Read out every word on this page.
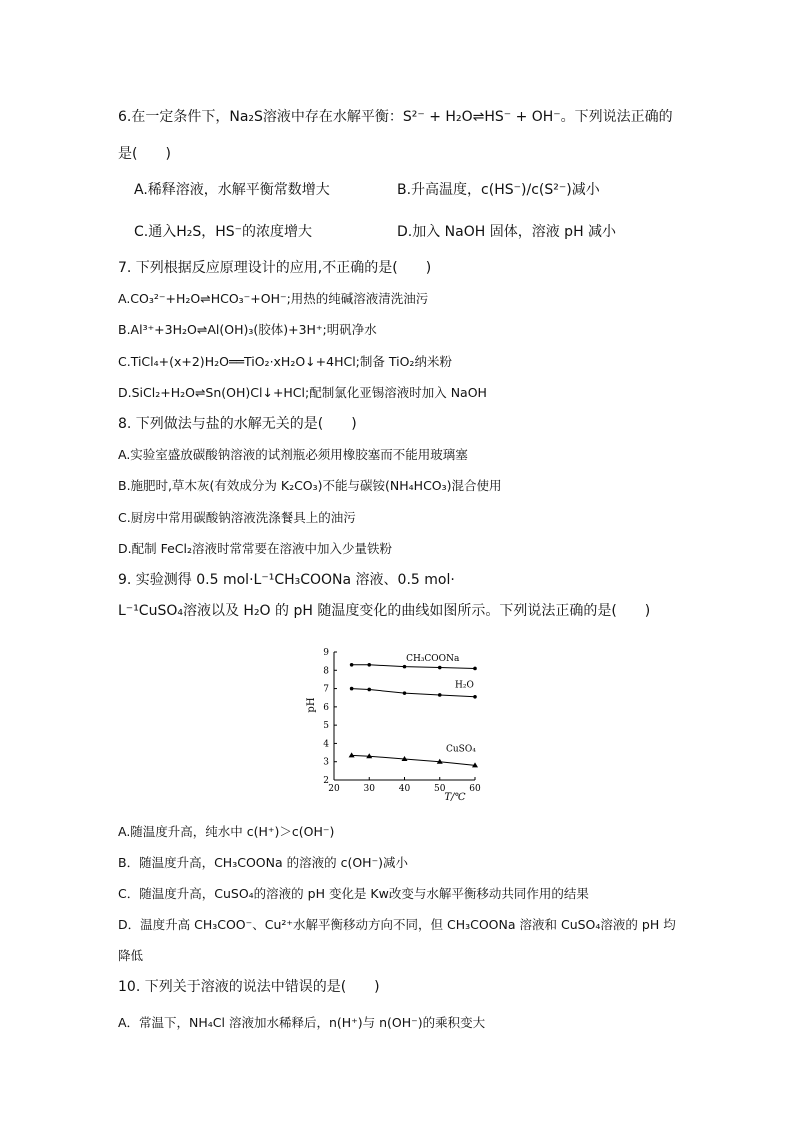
6.在一定条件下，Na₂S溶液中存在水解平衡：S²⁻ + H₂O⇌HS⁻ + OH⁻。下列说法正确的
是(　　)
A.稀释溶液，水解平衡常数增大	B.升高温度，c(HS⁻)/c(S²⁻)减小
C.通入H₂S，HS⁻的浓度增大	D.加入 NaOH 固体，溶液 pH 减小
7. 下列根据反应原理设计的应用,不正确的是(　　)
A.CO₃²⁻+H₂O⇌HCO₃⁻+OH⁻;用热的纯碱溶液清洗油污
B.Al³⁺+3H₂O⇌Al(OH)₃(胶体)+3H⁺;明矾净水
C.TiCl₄+(x+2)H₂O══TiO₂·xH₂O↓+4HCl;制备 TiO₂纳米粉
D.SiCl₂+H₂O⇌Sn(OH)Cl↓+HCl;配制氯化亚锡溶液时加入 NaOH
8. 下列做法与盐的水解无关的是(　　)
A.实验室盛放碳酸钠溶液的试剂瓶必须用橡胶塞而不能用玻璃塞
B.施肥时,草木灰(有效成分为 K₂CO₃)不能与碳铵(NH₄HCO₃)混合使用
C.厨房中常用碳酸钠溶液洗涤餐具上的油污
D.配制 FeCl₂溶液时常常要在溶液中加入少量铁粉
9. 实验测得 0.5 mol·L⁻¹CH₃COONa 溶液、0.5 mol·
L⁻¹CuSO₄溶液以及 H₂O 的 pH 随温度变化的曲线如图所示。下列说法正确的是(　　)
20	30	40	50	60
2
3
4
5
6
7
8
9
CH₃COONa
H₂O
CuSO₄
pH
T/℃
A.随温度升高，纯水中 c(H⁺)＞c(OH⁻)
B．随温度升高，CH₃COONa 的溶液的 c(OH⁻)减小
C．随温度升高，CuSO₄的溶液的 pH 变化是 Kw改变与水解平衡移动共同作用的结果
D．温度升高 CH₃COO⁻、Cu²⁺水解平衡移动方向不同，但 CH₃COONa 溶液和 CuSO₄溶液的 pH 均
降低
10. 下列关于溶液的说法中错误的是(　　)
A．常温下，NH₄Cl 溶液加水稀释后，n(H⁺)与 n(OH⁻)的乘积变大
